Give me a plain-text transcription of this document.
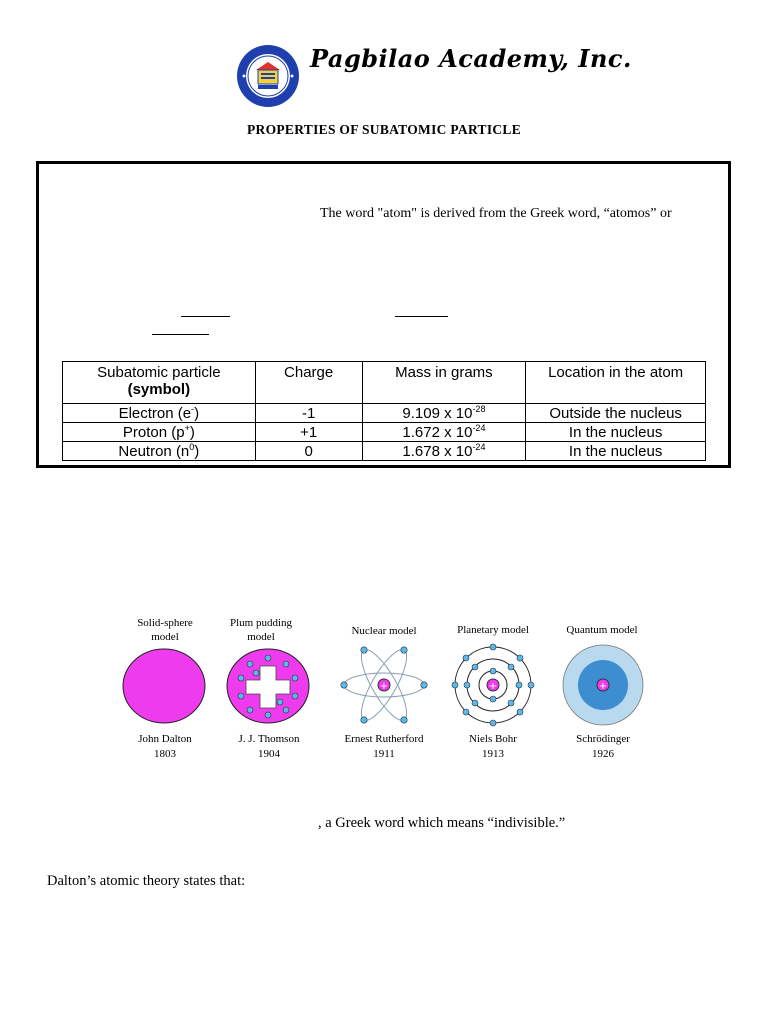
Pagbilao Academy, Inc.
PROPERTIES OF SUBATOMIC PARTICLE
The word "atom" is derived from the Greek word, “atomos” or
Subatomic particle
(symbol)	Charge	Mass in grams	Location in the atom
Electron (e-)	-1	9.109 x $10^{-28}$	Outside the nucleus
Proton (p+)	+1	1.672 x $10^{-24}$	In the nucleus
Neutron $(n^0)$	0	1.678 x $10^{-24}$	In the nucleus
Solid-sphere
model
Plum pudding
model	Nuclear model	Planetary model	Quantum model
+	+	+
John Dalton
1803
J. J. Thomson
1904
Ernest Rutherford
1911
Niels Bohr
1913
Schrödinger
1926
, a Greek word which means “indivisible.”
Dalton’s atomic theory states that:
